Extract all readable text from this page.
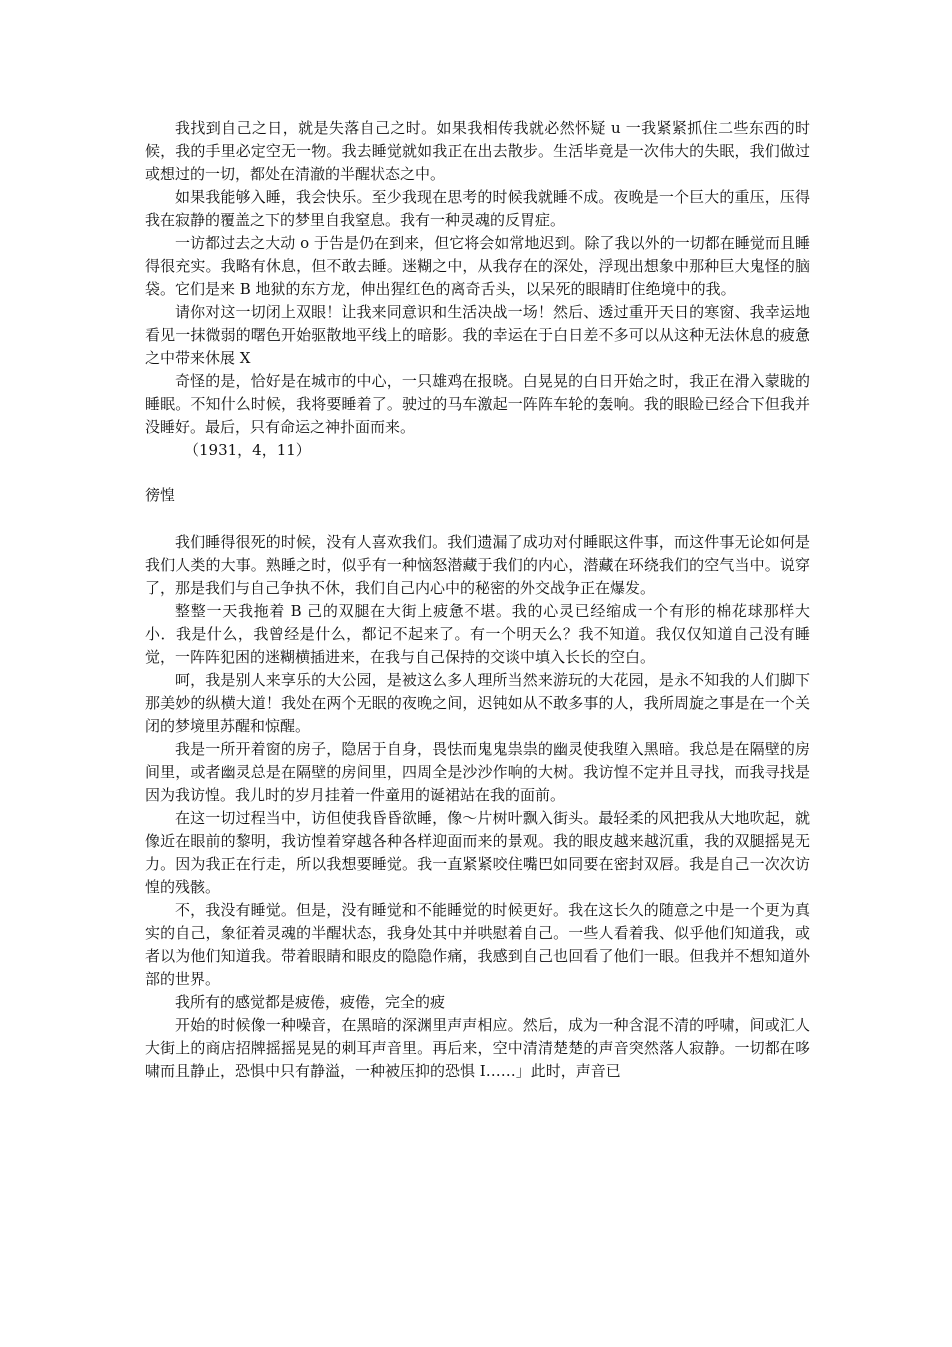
我找到自己之日，就是失落自己之时。如果我相传我就必然怀疑 u 一我紧紧抓住二些东西的时候，我的手里必定空无一物。我去睡觉就如我正在出去散步。生活毕竟是一次伟大的失眠，我们做过或想过的一切，都处在清澈的半醒状态之中。

如果我能够入睡，我会快乐。至少我现在思考的时候我就睡不成。夜晚是一个巨大的重压，压得我在寂静的覆盖之下的梦里自我窒息。我有一种灵魂的反胃症。

一访都过去之大动 o 于告是仍在到来，但它将会如常地迟到。除了我以外的一切都在睡觉而且睡得很充实。我略有休息，但不敢去睡。迷糊之中，从我存在的深处，浮现出想象中那种巨大鬼怪的脑袋。它们是来 B 地狱的东方龙，伸出猩红色的离奇舌头，以呆死的眼睛盯住绝境中的我。

请你对这一切闭上双眼！让我来同意识和生活决战一场！然后、透过重开天日的寒窗、我幸运地看见一抹微弱的曙色开始驱散地平线上的暗影。我的幸运在于白日差不多可以从这种无法休息的疲惫之中带来休展 X

奇怪的是，恰好是在城市的中心，一只雄鸡在报晓。白晃晃的白日开始之时，我正在滑入蒙眬的睡眠。不知什么时候，我将要睡着了。驶过的马车激起一阵阵车轮的轰响。我的眼睑已经合下但我并没睡好。最后，只有命运之神扑面而来。

（1931，4，11）

徬惶

我们睡得很死的时候，没有人喜欢我们。我们遗漏了成功对付睡眠这件事，而这件事无论如何是我们人类的大事。熟睡之时，似乎有一种恼怒潜藏于我们的内心，潜藏在环绕我们的空气当中。说穿了，那是我们与自己争执不休，我们自己内心中的秘密的外交战争正在爆发。

整整一天我拖着 B 己的双腿在大街上疲惫不堪。我的心灵已经缩成一个有形的棉花球那样大小．我是什么，我曾经是什么，都记不起来了。有一个明天么？我不知道。我仅仅知道自己没有睡觉，一阵阵犯困的迷糊横插进来，在我与自己保持的交谈中填入长长的空白。

呵，我是别人来享乐的大公园，是被这么多人理所当然来游玩的大花园，是永不知我的人们脚下那美妙的纵横大道！我处在两个无眠的夜晚之间，迟钝如从不敢多事的人，我所周旋之事是在一个关闭的梦境里苏醒和惊醒。

我是一所开着窗的房子，隐居于自身，畏怯而鬼鬼祟祟的幽灵使我堕入黑暗。我总是在隔壁的房间里，或者幽灵总是在隔壁的房间里，四周全是沙沙作响的大树。我访惶不定并且寻找，而我寻找是因为我访惶。我儿时的岁月挂着一件童用的诞裙站在我的面前。

在这一切过程当中，访但使我昏昏欲睡，像～片树叶飘入街头。最轻柔的风把我从大地吹起，就像近在眼前的黎明，我访惶着穿越各种各样迎面而来的景观。我的眼皮越来越沉重，我的双腿摇晃无力。因为我正在行走，所以我想要睡觉。我一直紧紧咬住嘴巴如同要在密封双唇。我是自己一次次访惶的残骸。

不，我没有睡觉。但是，没有睡觉和不能睡觉的时候更好。我在这长久的随意之中是一个更为真实的自己，象征着灵魂的半醒状态，我身处其中并哄慰着自己。一些人看着我、似乎他们知道我，或者以为他们知道我。带着眼睛和眼皮的隐隐作痛，我感到自己也回看了他们一眼。但我并不想知道外部的世界。

我所有的感觉都是疲倦，疲倦，完全的疲

开始的时候像一种噪音，在黑暗的深渊里声声相应。然后，成为一种含混不清的呼啸，间或汇人大街上的商店招牌摇摇晃晃的刺耳声音里。再后来，空中清清楚楚的声音突然落人寂静。一切都在哆啸而且静止，恐惧中只有静溢，一种被压抑的恐惧 I……」此时，声音已
